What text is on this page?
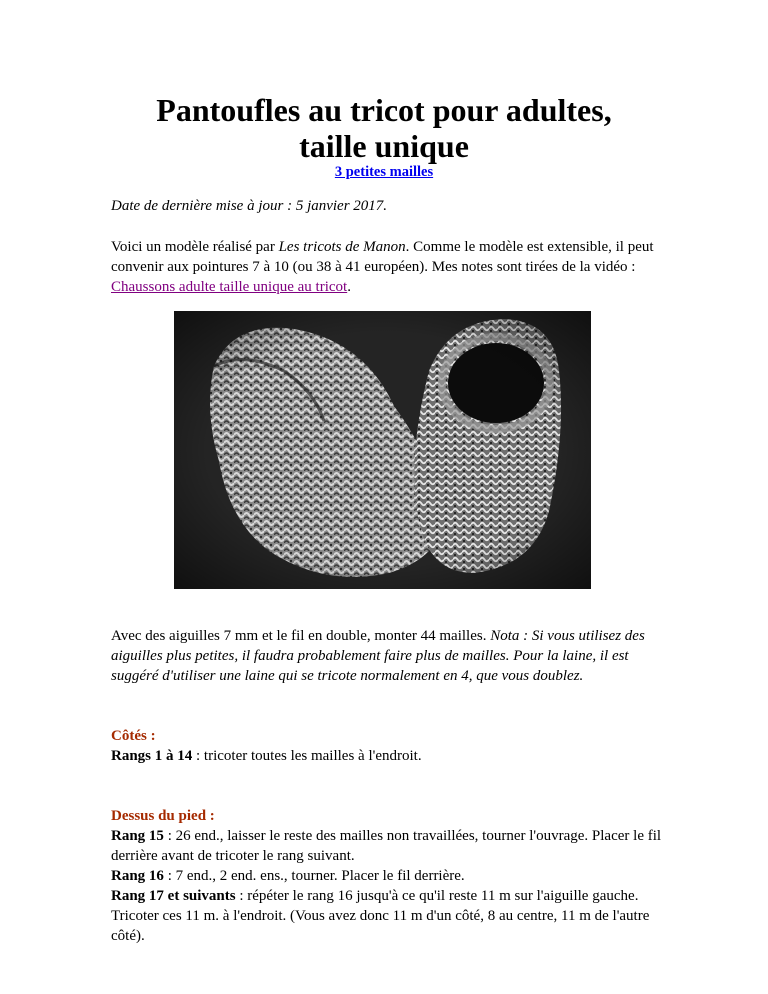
Pantoufles au tricot pour adultes,
taille unique
3 petites mailles
Date de dernière mise à jour : 5 janvier 2017.
Voici un modèle réalisé par Les tricots de Manon. Comme le modèle est extensible, il peut convenir aux pointures 7 à 10 (ou 38 à 41 européen). Mes notes sont tirées de la vidéo : Chaussons adulte taille unique au tricot.
Avec des aiguilles 7 mm et le fil en double, monter 44 mailles. Nota : Si vous utilisez des aiguilles plus petites, il faudra probablement faire plus de mailles. Pour la laine, il est suggéré d'utiliser une laine qui se tricote normalement en 4, que vous doublez.
Côtés :
Rangs 1 à 14 : tricoter toutes les mailles à l'endroit.
Dessus du pied :
Rang 15 : 26 end., laisser le reste des mailles non travaillées, tourner l'ouvrage. Placer le fil derrière avant de tricoter le rang suivant.
Rang 16 : 7 end., 2 end. ens., tourner. Placer le fil derrière.
Rang 17 et suivants : répéter le rang 16 jusqu'à ce qu'il reste 11 m sur l'aiguille gauche. Tricoter ces 11 m. à l'endroit. (Vous avez donc 11 m d'un côté, 8 au centre, 11 m de l'autre côté).
